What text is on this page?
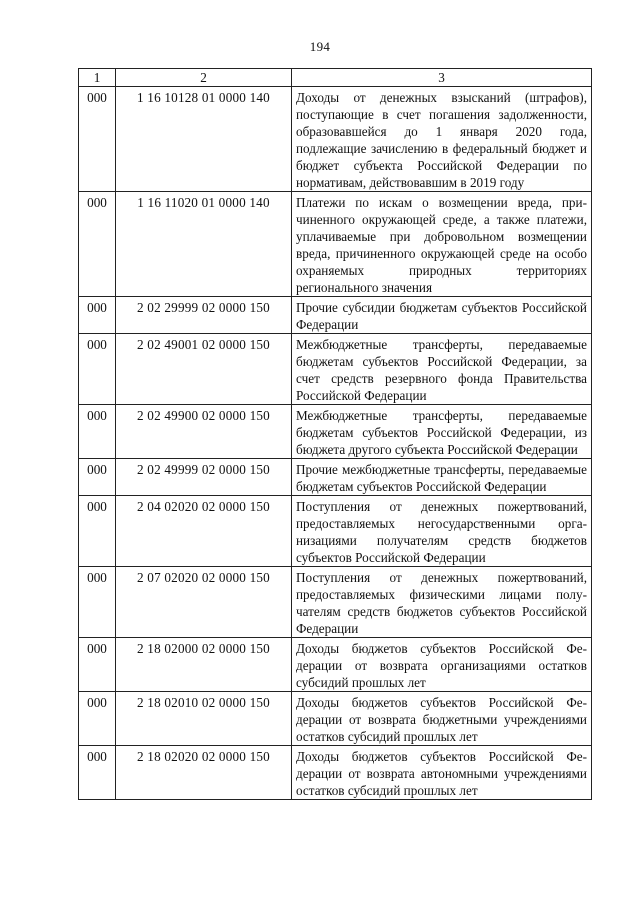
194
1	2	3
000	1 16 10128 01 0000 140	Доходы от денежных взысканий (штрафов), поступающие в счет погашения задолженности, образовавшейся до 1 января 2020 года, подлежащие зачислению в федеральный бюджет и бюджет субъекта Российской Федерации по нормативам, действовавшим в 2019 году
000	1 16 11020 01 0000 140	Платежи по искам о возмещении вреда, причиненного окружающей среде, а также платежи, уплачиваемые при добровольном возмещении вреда, причиненного окружающей среде на особо охраняемых природных территориях регионального значения
000	2 02 29999 02 0000 150	Прочие субсидии бюджетам субъектов Российской Федерации
000	2 02 49001 02 0000 150	Межбюджетные трансферты, передаваемые бюджетам субъектов Российской Федерации, за счет средств резервного фонда Правительства Российской Федерации
000	2 02 49900 02 0000 150	Межбюджетные трансферты, передаваемые бюджетам субъектов Российской Федерации, из бюджета другого субъекта Российской Федерации
000	2 02 49999 02 0000 150	Прочие межбюджетные трансферты, передаваемые бюджетам субъектов Российской Федерации
000	2 04 02020 02 0000 150	Поступления от денежных пожертвований, предоставляемых негосударственными организациями получателям средств бюджетов субъектов Российской Федерации
000	2 07 02020 02 0000 150	Поступления от денежных пожертвований, предоставляемых физическими лицами получателям средств бюджетов субъектов Российской Федерации
000	2 18 02000 02 0000 150	Доходы бюджетов субъектов Российской Федерации от возврата организациями остатков субсидий прошлых лет
000	2 18 02010 02 0000 150	Доходы бюджетов субъектов Российской Федерации от возврата бюджетными учреждениями остатков субсидий прошлых лет
000	2 18 02020 02 0000 150	Доходы бюджетов субъектов Российской Федерации от возврата автономными учреждениями остатков субсидий прошлых лет
